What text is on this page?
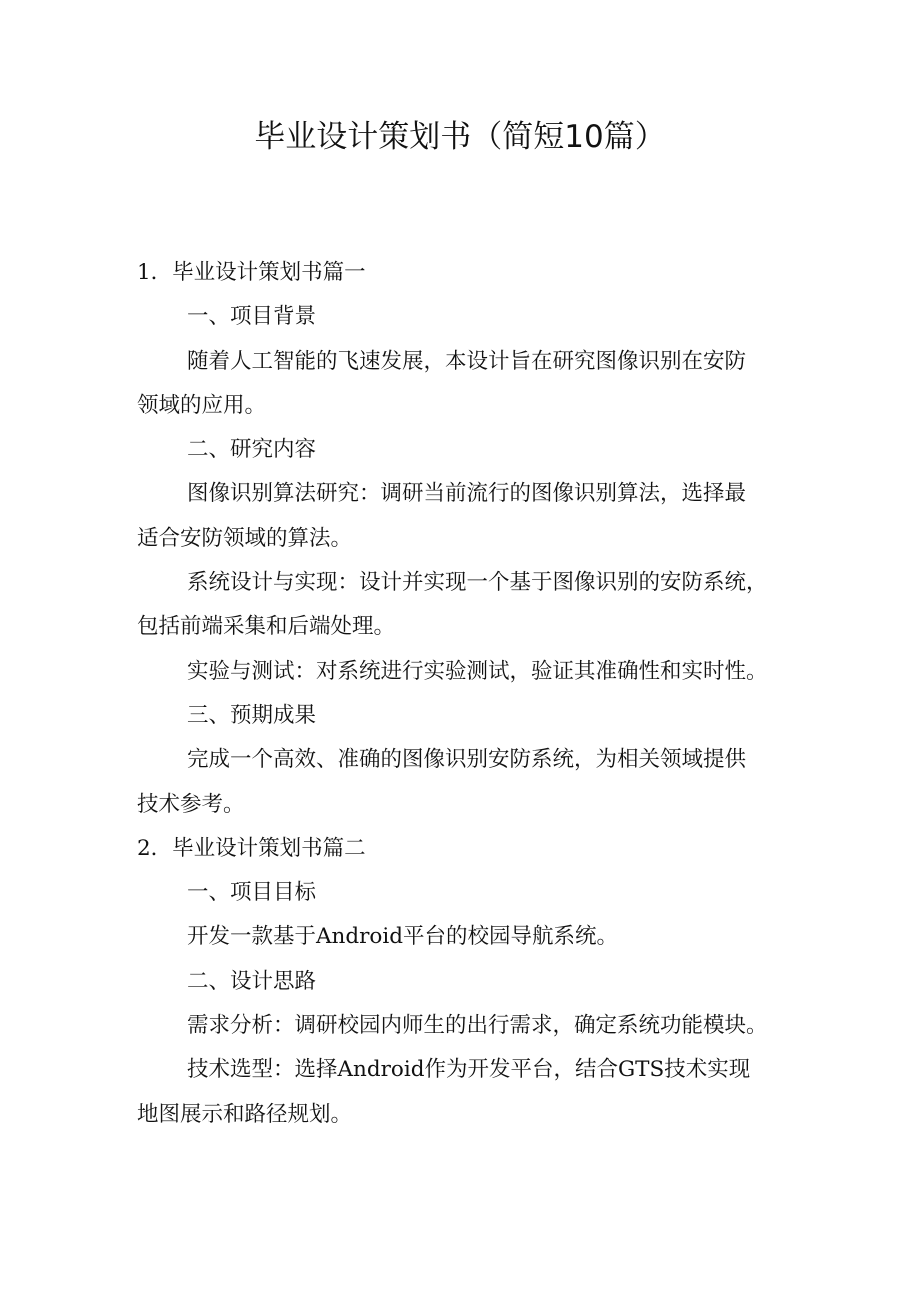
毕业设计策划书（简短10篇）

1．毕业设计策划书篇一

一、项目背景

随着人工智能的飞速发展，本设计旨在研究图像识别在安防

领域的应用。

二、研究内容

图像识别算法研究：调研当前流行的图像识别算法，选择最

适合安防领域的算法。

系统设计与实现：设计并实现一个基于图像识别的安防系统，

包括前端采集和后端处理。

实验与测试：对系统进行实验测试，验证其准确性和实时性。

三、预期成果

完成一个高效、准确的图像识别安防系统，为相关领域提供

技术参考。

2．毕业设计策划书篇二

一、项目目标

开发一款基于Android平台的校园导航系统。

二、设计思路

需求分析：调研校园内师生的出行需求，确定系统功能模块。

技术选型：选择Android作为开发平台，结合GTS技术实现

地图展示和路径规划。
